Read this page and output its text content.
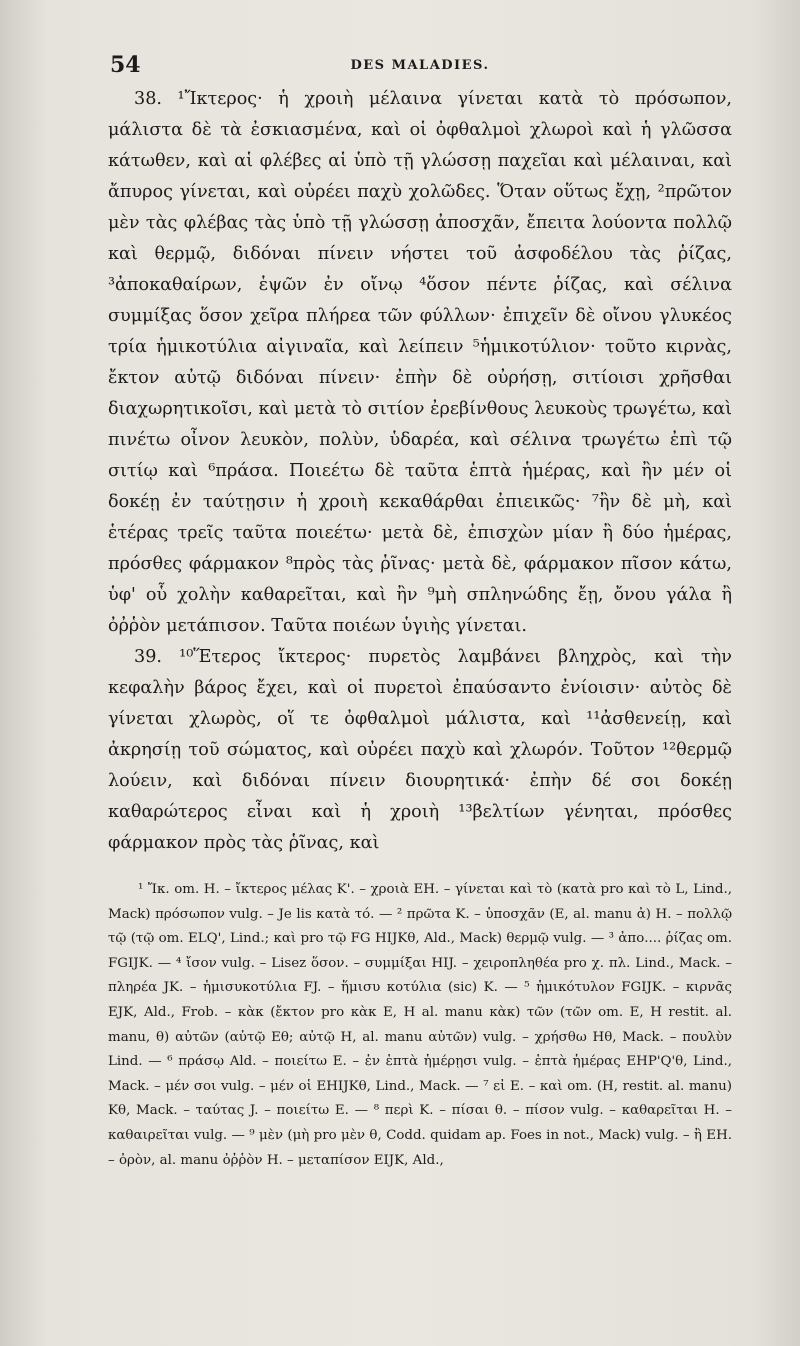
54	DES MALADIES.

38. ¹Ἴκτερος· ἡ χροιὴ μέλαινα γίνεται κατὰ τὸ πρόσωπον, μάλιστα δὲ τὰ ἐσκιασμένα, καὶ οἱ ὀφθαλμοὶ χλωροὶ καὶ ἡ γλῶσσα κάτωθεν, καὶ αἱ φλέβες αἱ ὑπὸ τῇ γλώσσῃ παχεῖαι καὶ μέλαιναι, καὶ ἄπυρος γίνεται, καὶ οὐρέει παχὺ χολῶδες. Ὅταν οὕτως ἔχῃ, ²πρῶτον μὲν τὰς φλέβας τὰς ὑπὸ τῇ γλώσσῃ ἀποσχᾶν, ἔπειτα λούοντα πολλῷ καὶ θερμῷ, διδόναι πίνειν νήστει τοῦ ἀσφοδέλου τὰς ῥίζας, ³ἀποκαθαίρων, ἑψῶν ἐν οἴνῳ ⁴ὅσον πέντε ῥίζας, καὶ σέλινα συμμίξας ὅσον χεῖρα πλήρεα τῶν φύλλων· ἐπιχεῖν δὲ οἴνου γλυκέος τρία ἡμικοτύλια αἰγιναῖα, καὶ λείπειν ⁵ἡμικοτύλιον· τοῦτο κιρνὰς, ἔκτον αὐτῷ διδόναι πίνειν· ἐπὴν δὲ οὐρήσῃ, σιτίοισι χρῆσθαι διαχωρητικοῖσι, καὶ μετὰ τὸ σιτίον ἐρεβίνθους λευκοὺς τρωγέτω, καὶ πινέτω οἶνον λευκὸν, πολὺν, ὑδαρέα, καὶ σέλινα τρωγέτω ἐπὶ τῷ σιτίῳ καὶ ⁶πράσα. Ποιεέτω δὲ ταῦτα ἑπτὰ ἡμέρας, καὶ ἢν μέν οἱ δοκέῃ ἐν ταύτῃσιν ἡ χροιὴ κεκαθάρθαι ἐπιεικῶς· ⁷ἢν δὲ μὴ, καὶ ἑτέρας τρεῖς ταῦτα ποιεέτω· μετὰ δὲ, ἐπισχὼν μίαν ἢ δύο ἡμέρας, πρόσθες φάρμακον ⁸πρὸς τὰς ῥῖνας· μετὰ δὲ, φάρμακον πῖσον κάτω, ὑφ' οὗ χολὴν καθαρεῖται, καὶ ἢν ⁹μὴ σπληνώδης ἔῃ, ὄνου γάλα ἢ ὀῤῥὸν μετάπισον. Ταῦτα ποιέων ὑγιὴς γίνεται.

39. ¹⁰Ἕτερος ἴκτερος· πυρετὸς λαμβάνει βληχρὸς, καὶ τὴν κεφαλὴν βάρος ἔχει, καὶ οἱ πυρετοὶ ἐπαύσαντο ἐνίοισιν· αὐτὸς δὲ γίνεται χλωρὸς, οἵ τε ὀφθαλμοὶ μάλιστα, καὶ ¹¹ἀσθενείῃ, καὶ ἀκρησίῃ τοῦ σώματος, καὶ οὐρέει παχὺ καὶ χλωρόν. Τοῦτον ¹²θερμῷ λούειν, καὶ διδόναι πίνειν διουρητικά· ἐπὴν δέ σοι δοκέῃ καθαρώτερος εἶναι καὶ ἡ χροιὴ ¹³βελτίων γένηται, πρόσθες φάρμακον πρὸς τὰς ῥῖνας, καὶ

¹ Ἴκ. om. H. – ἴκτερος μέλας K'. – χροιὰ EH. – γίνεται καὶ τὸ (κατὰ pro καὶ τὸ L, Lind., Mack) πρόσωπον vulg. – Je lis κατὰ τό. — ² πρῶτα K. – ὑποσχᾶν (E, al. manu ἀ) H. – πολλῷ τῷ (τῷ om. ELQ', Lind.; καὶ pro τῷ FG HIJKθ, Ald., Mack) θερμῷ vulg. — ³ ἀπο.... ῥίζας om. FGIJK. — ⁴ ἴσον vulg. – Lisez ὅσον. – συμμίξαι HIJ. – χειροπληθέα pro χ. πλ. Lind., Mack. – πληρέα JK. – ἡμισυκοτύλια FJ. – ἥμισυ κοτύλια (sic) K. — ⁵ ἡμικότυλον FGIJK. – κιρνᾶς EJK, Ald., Frob. – κὰκ (ἔκτον pro κὰκ E, H al. manu κὰκ) τῶν (τῶν om. E, H restit. al. manu, θ) αὐτῶν (αὐτῷ Eθ; αὐτῷ H, al. manu αὐτῶν) vulg. – χρήσθω Hθ, Mack. – πουλὺν Lind. — ⁶ πράσῳ Ald. – ποιείτω E. – ἐν ἑπτὰ ἡμέρῃσι vulg. – ἑπτὰ ἡμέρας EHP'Q'θ, Lind., Mack. – μέν σοι vulg. – μέν οἱ EHIJKθ, Lind., Mack. — ⁷ εἰ E. – καὶ om. (H, restit. al. manu) Kθ, Mack. – ταύτας J. – ποιείτω E. — ⁸ περὶ K. – πίσαι θ. – πίσον vulg. – καθαρεῖται H. – καθαιρεῖται vulg. — ⁹ μὲν (μὴ pro μὲν θ, Codd. quidam ap. Foes in not., Mack) vulg. – ἢ EH. – ὀρὸν, al. manu ὀῤῥὸν H. – μεταπίσον EIJK, Ald.,
